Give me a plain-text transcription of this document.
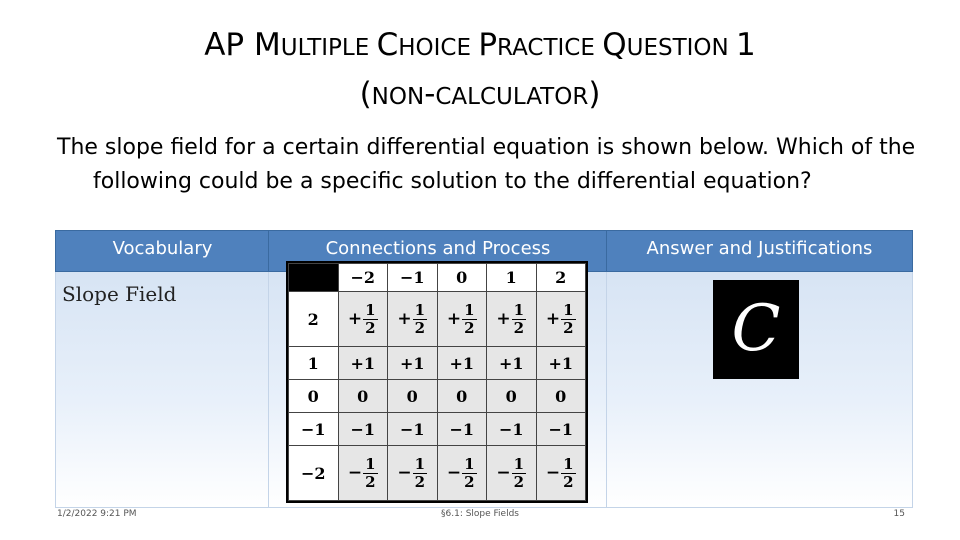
AP MULTIPLE CHOICE PRACTICE QUESTION 1
(NON-CALCULATOR)
The slope field for a certain differential equation is shown below. Which of the following could be a specific solution to the differential equation?
Vocabulary
Slope Field
Connections and Process	Answer and Justifications
	−2	−1	0	1	2
2	+ $\frac{1}{2}$	+ $\frac{1}{2}$	+ $\frac{1}{2}$	+ $\frac{1}{2}$	+ $\frac{1}{2}$

1	+1	+1	+1	+1	+1
0	0	0	0	0	0
−1	−1	−1	−1	−1	−1
−2	− $\frac{1}{2}$	− $\frac{1}{2}$	− $\frac{1}{2}$	− $\frac{1}{2}$	− $\frac{1}{2}$
C
1/2/2022 9:21 PM	§6.1: Slope Fields	15
